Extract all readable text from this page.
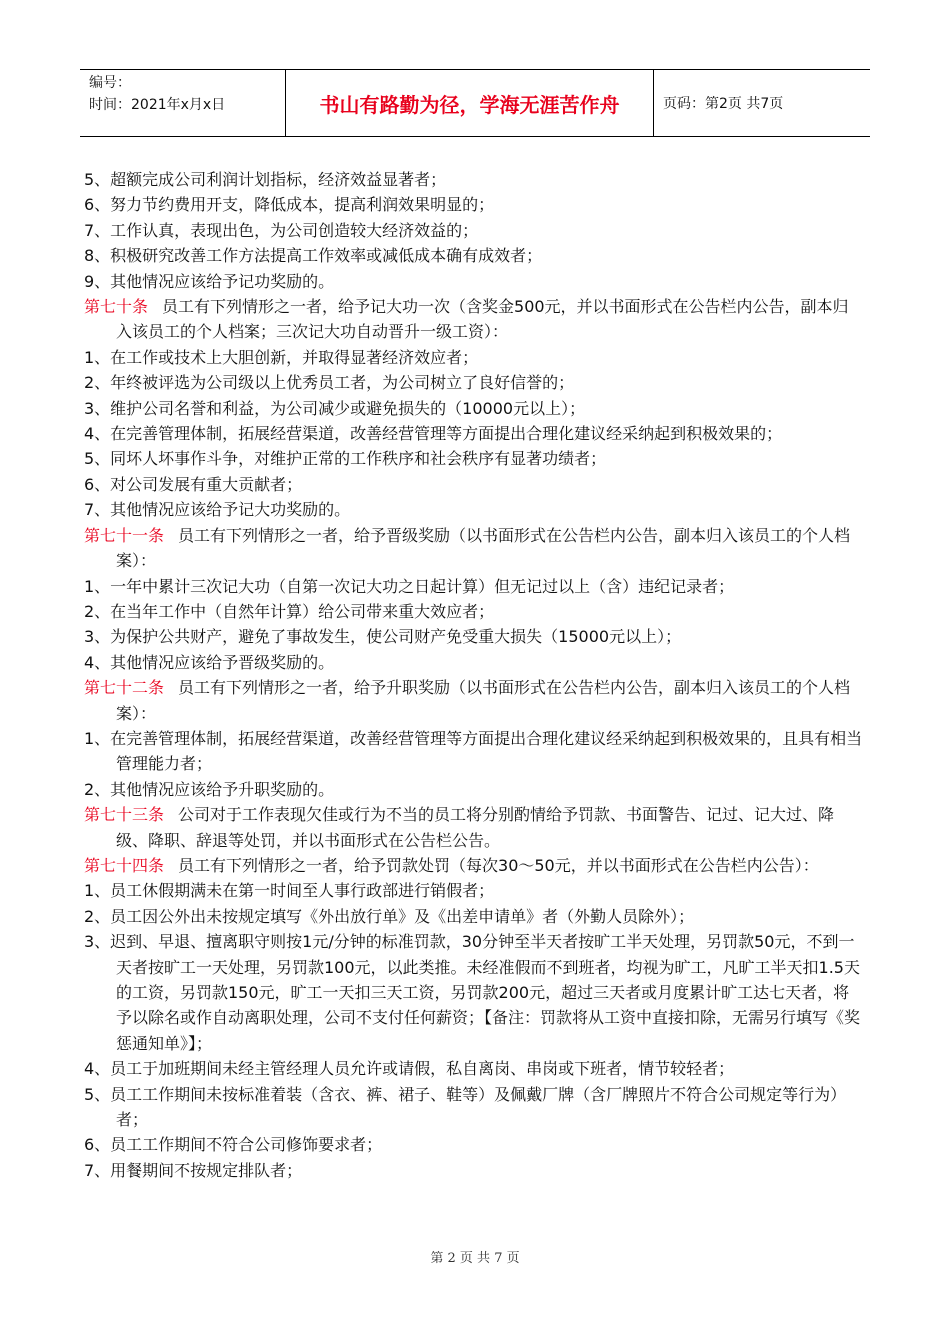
编号：
时间：2021年x月x日	书山有路勤为径，学海无涯苦作舟	页码：第2页 共7页

5、超额完成公司利润计划指标，经济效益显著者；

6、努力节约费用开支，降低成本，提高利润效果明显的；

7、工作认真，表现出色，为公司创造较大经济效益的；

8、积极研究改善工作方法提高工作效率或减低成本确有成效者；

9、其他情况应该给予记功奖励的。

第七十条 员工有下列情形之一者，给予记大功一次（含奖金500元，并以书面形式在公告栏内公告，副本归入该员工的个人档案；三次记大功自动晋升一级工资）：

1、在工作或技术上大胆创新，并取得显著经济效应者；

2、年终被评选为公司级以上优秀员工者，为公司树立了良好信誉的；

3、维护公司名誉和利益，为公司减少或避免损失的（10000元以上）；

4、在完善管理体制，拓展经营渠道，改善经营管理等方面提出合理化建议经采纳起到积极效果的；

5、同坏人坏事作斗争，对维护正常的工作秩序和社会秩序有显著功绩者；

6、对公司发展有重大贡献者；

7、其他情况应该给予记大功奖励的。

第七十一条 员工有下列情形之一者，给予晋级奖励（以书面形式在公告栏内公告，副本归入该员工的个人档案）：

1、一年中累计三次记大功（自第一次记大功之日起计算）但无记过以上（含）违纪记录者；

2、在当年工作中（自然年计算）给公司带来重大效应者；

3、为保护公共财产，避免了事故发生，使公司财产免受重大损失（15000元以上）；

4、其他情况应该给予晋级奖励的。

第七十二条 员工有下列情形之一者，给予升职奖励（以书面形式在公告栏内公告，副本归入该员工的个人档案）：

1、在完善管理体制，拓展经营渠道，改善经营管理等方面提出合理化建议经采纳起到积极效果的，且具有相当管理能力者；

2、其他情况应该给予升职奖励的。

第七十三条 公司对于工作表现欠佳或行为不当的员工将分别酌情给予罚款、书面警告、记过、记大过、降级、降职、辞退等处罚，并以书面形式在公告栏公告。

第七十四条 员工有下列情形之一者，给予罚款处罚（每次30～50元，并以书面形式在公告栏内公告）：

1、员工休假期满未在第一时间至人事行政部进行销假者；

2、员工因公外出未按规定填写《外出放行单》及《出差申请单》者（外勤人员除外）；

3、迟到、早退、擅离职守则按1元/分钟的标准罚款，30分钟至半天者按旷工半天处理，另罚款50元，不到一天者按旷工一天处理，另罚款100元，以此类推。未经准假而不到班者，均视为旷工，凡旷工半天扣1.5天的工资，另罚款150元，旷工一天扣三天工资，另罚款200元，超过三天者或月度累计旷工达七天者，将予以除名或作自动离职处理，公司不支付任何薪资；【备注：罚款将从工资中直接扣除，无需另行填写《奖惩通知单》】；

4、员工于加班期间未经主管经理人员允许或请假，私自离岗、串岗或下班者，情节较轻者；

5、员工工作期间未按标准着装（含衣、裤、裙子、鞋等）及佩戴厂牌（含厂牌照片不符合公司规定等行为）者；

6、员工工作期间不符合公司修饰要求者；

7、用餐期间不按规定排队者；

第 2 页 共 7 页
